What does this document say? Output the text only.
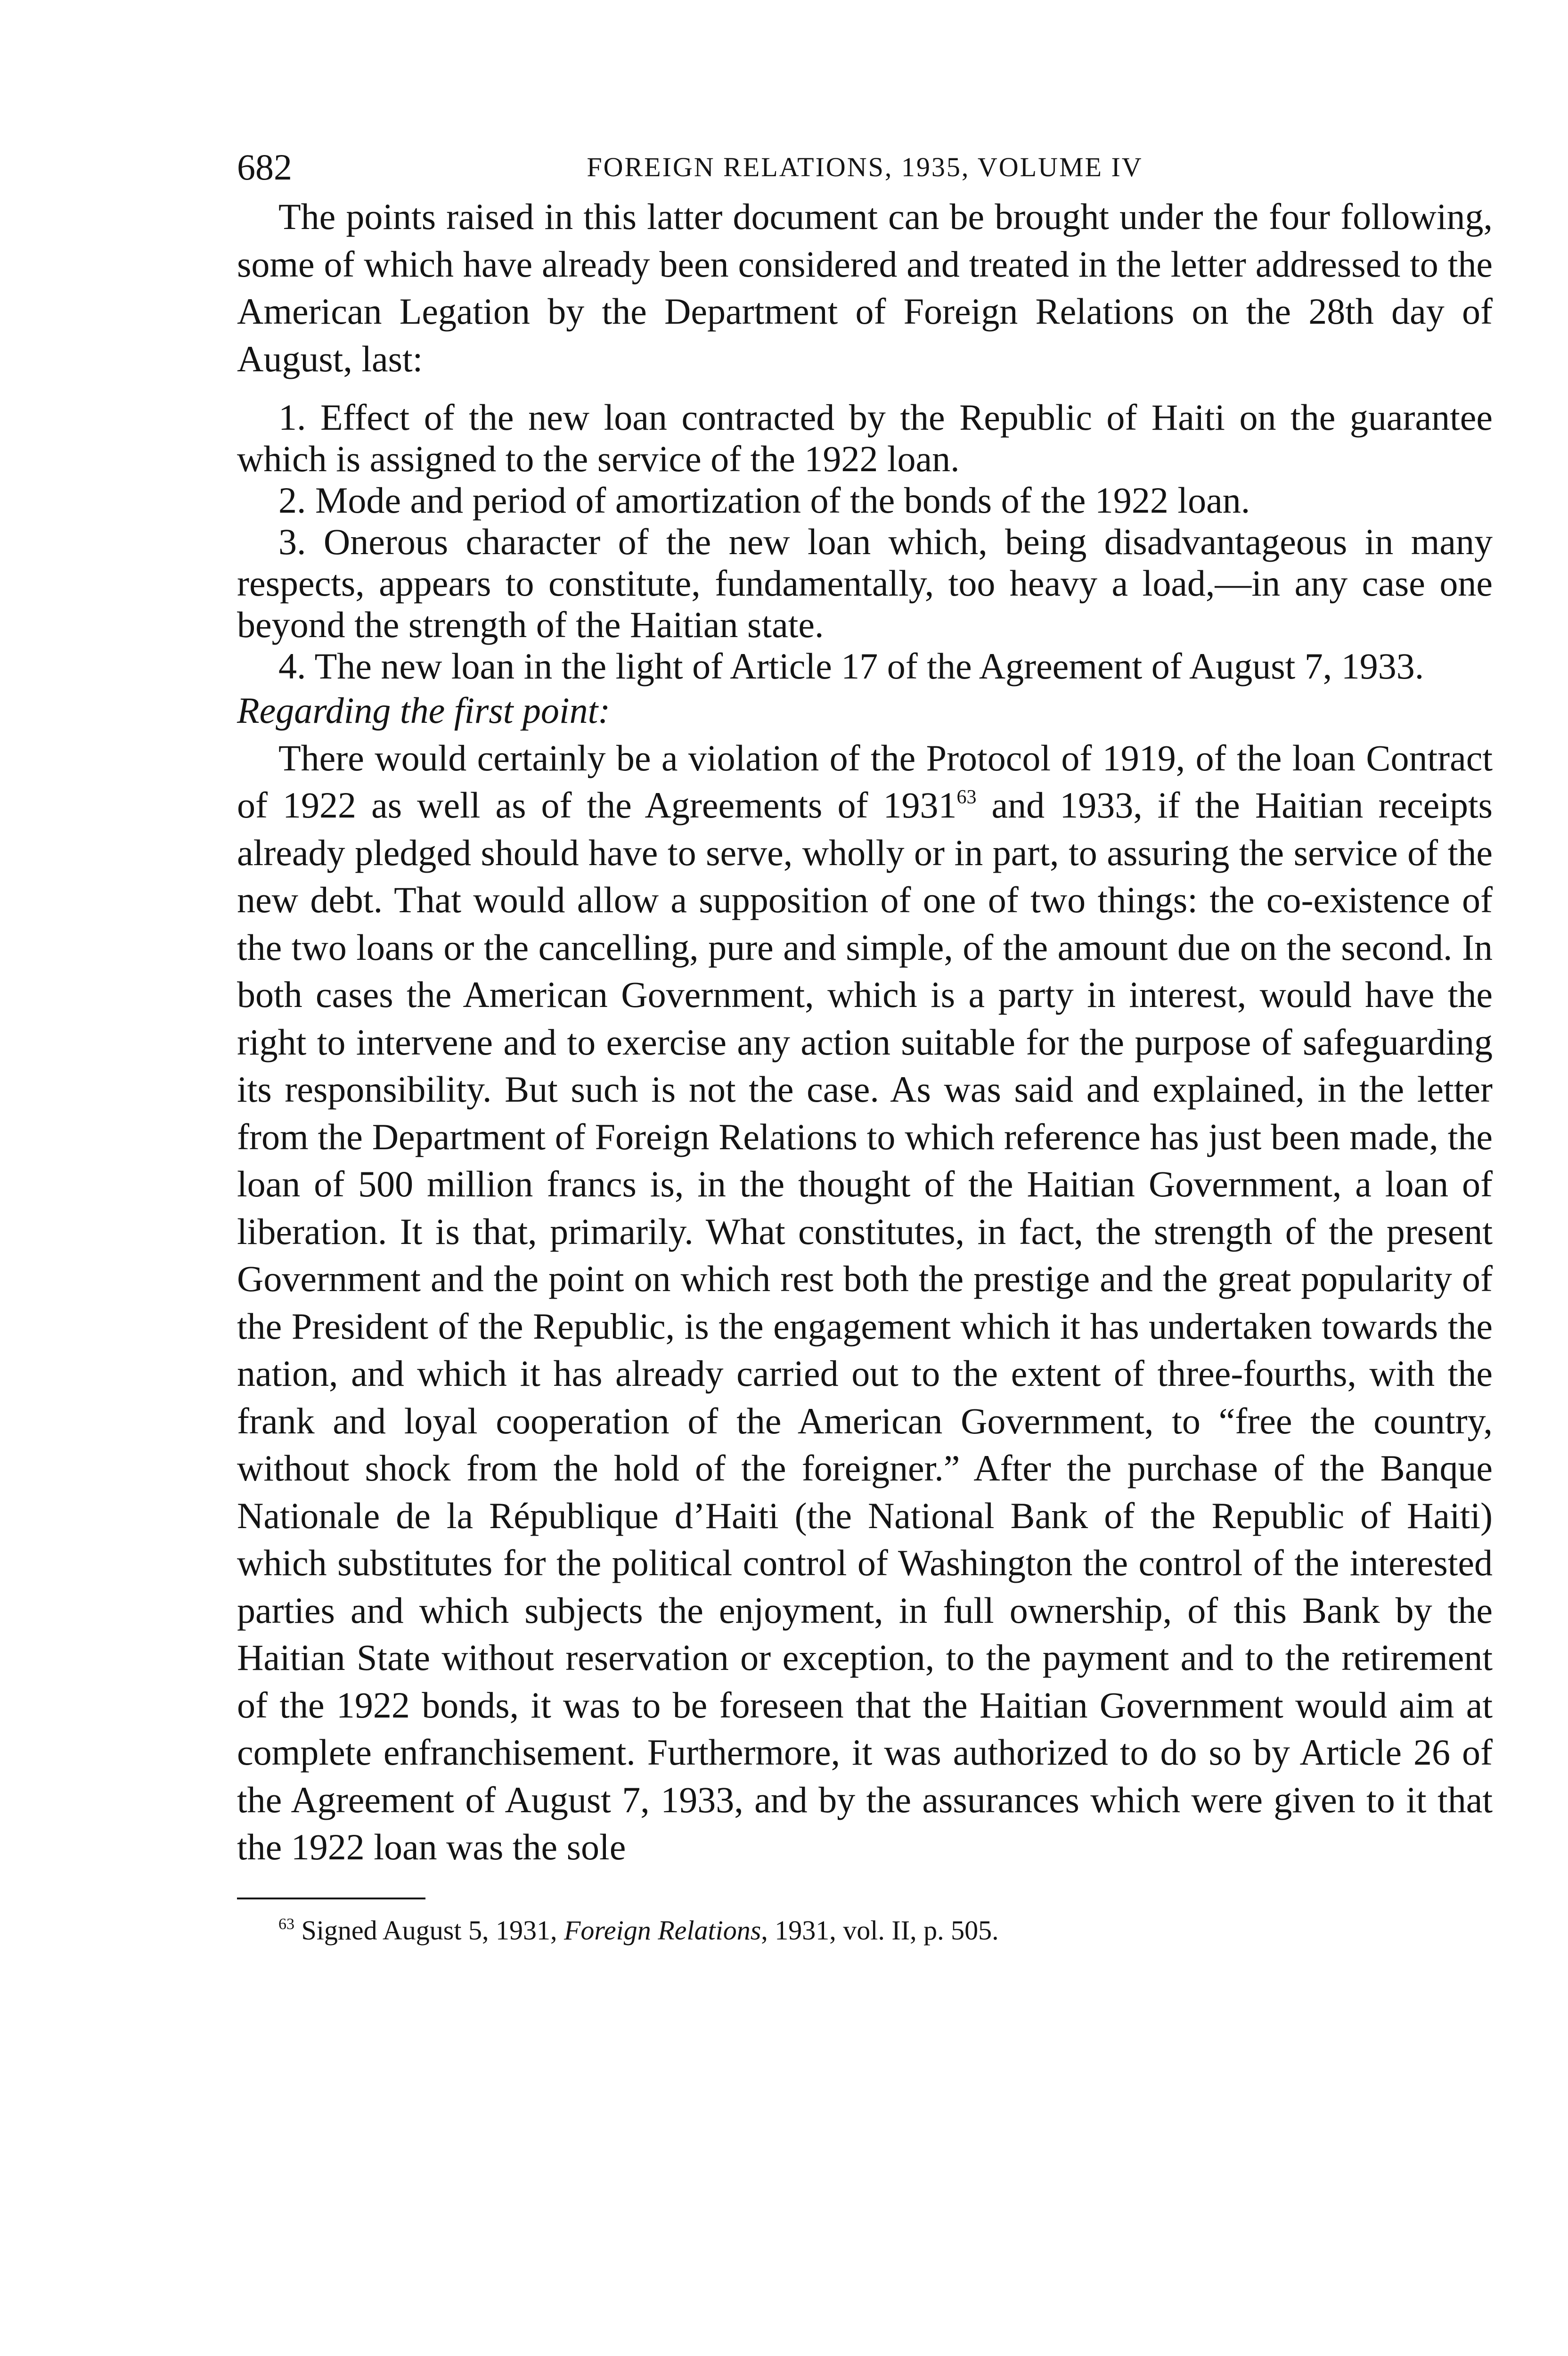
682	FOREIGN RELATIONS, 1935, VOLUME IV

The points raised in this latter document can be brought under the four following, some of which have already been considered and treated in the letter addressed to the American Legation by the Department of Foreign Relations on the 28th day of August, last:

1. Effect of the new loan contracted by the Republic of Haiti on the guarantee which is assigned to the service of the 1922 loan.

2. Mode and period of amortization of the bonds of the 1922 loan.

3. Onerous character of the new loan which, being disadvantageous in many respects, appears to constitute, fundamentally, too heavy a load,—in any case one beyond the strength of the Haitian state.

4. The new loan in the light of Article 17 of the Agreement of August 7, 1933.

Regarding the first point:

There would certainly be a violation of the Protocol of 1919, of the loan Contract of 1922 as well as of the Agreements of 1931$^{63}$ and 1933, if the Haitian receipts already pledged should have to serve, wholly or in part, to assuring the service of the new debt. That would allow a supposition of one of two things: the co-existence of the two loans or the cancelling, pure and simple, of the amount due on the second. In both cases the American Government, which is a party in interest, would have the right to intervene and to exercise any action suitable for the purpose of safeguarding its responsibility. But such is not the case. As was said and explained, in the letter from the Department of Foreign Relations to which reference has just been made, the loan of 500 million francs is, in the thought of the Haitian Government, a loan of liberation. It is that, primarily. What constitutes, in fact, the strength of the present Government and the point on which rest both the prestige and the great popularity of the President of the Republic, is the engagement which it has undertaken towards the nation, and which it has already carried out to the extent of three-fourths, with the frank and loyal cooperation of the American Government, to “free the country, without shock from the hold of the foreigner.” After the purchase of the Banque Nationale de la République d’Haiti (the National Bank of the Republic of Haiti) which substitutes for the political control of Washington the control of the interested parties and which subjects the enjoyment, in full ownership, of this Bank by the Haitian State without reservation or exception, to the payment and to the retirement of the 1922 bonds, it was to be foreseen that the Haitian Government would aim at complete enfranchisement. Furthermore, it was authorized to do so by Article 26 of the Agreement of August 7, 1933, and by the assurances which were given to it that the 1922 loan was the sole

$^{63}$ Signed August 5, 1931, Foreign Relations, 1931, vol. II, p. 505.
